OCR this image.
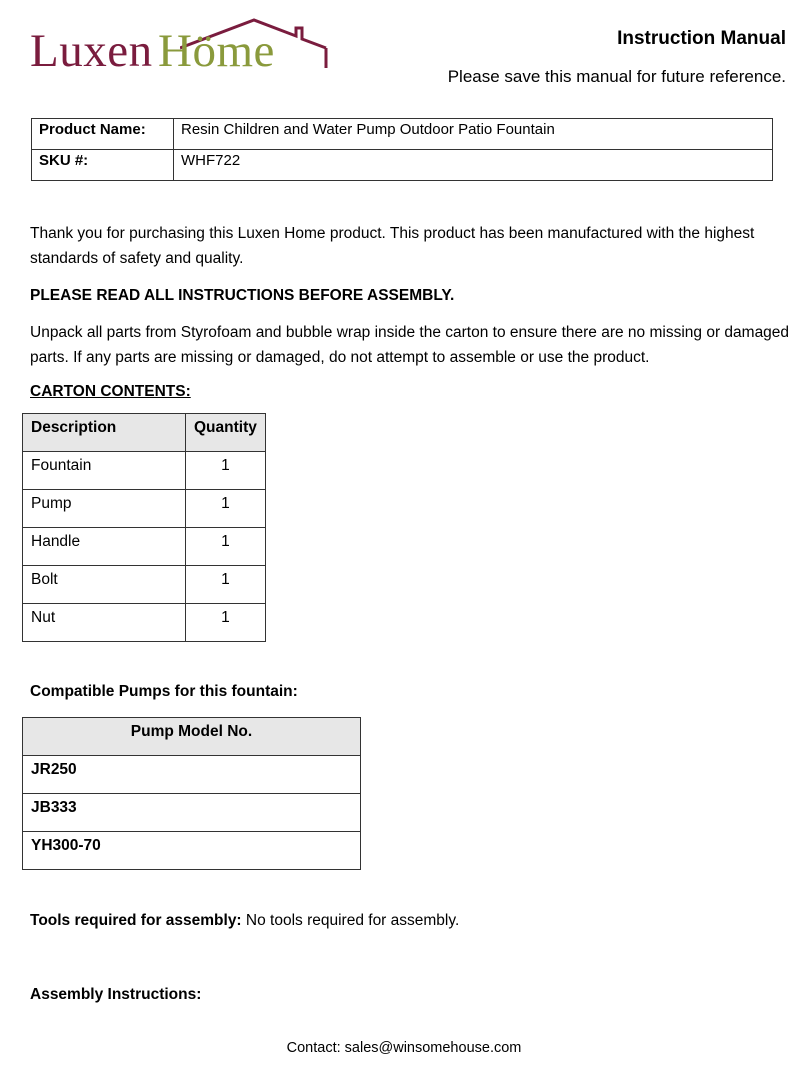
Luxen Höme	Instruction Manual
Please save this manual for future reference.
Product Name:	Resin Children and Water Pump Outdoor Patio Fountain
SKU #:	WHF722
Thank you for purchasing this Luxen Home product. This product has been manufactured with the highest standards of safety and quality.
PLEASE READ ALL INSTRUCTIONS BEFORE ASSEMBLY.
Unpack all parts from Styrofoam and bubble wrap inside the carton to ensure there are no missing or damaged parts. If any parts are missing or damaged, do not attempt to assemble or use the product.
CARTON CONTENTS:
Description	Quantity
Fountain	1
Pump	1
Handle	1
Bolt	1
Nut	1
Compatible Pumps for this fountain:
Pump Model No.
JR250
JB333
YH300-70
Tools required for assembly: No tools required for assembly.
Assembly Instructions:
Contact: sales@winsomehouse.com
